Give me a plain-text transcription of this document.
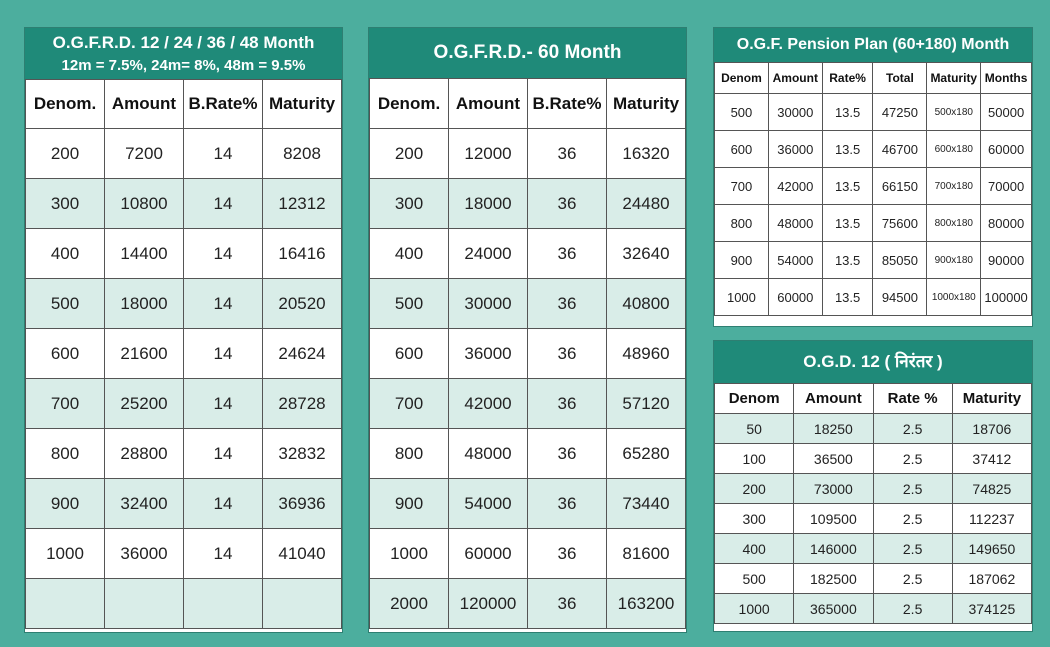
O.G.F.R.D. 12 / 24 / 36 / 48 Month
12m = 7.5%, 24m= 8%, 48m = 9.5%
Denom.	Amount	B.Rate%	Maturity
200	7200	14	8208
300	10800	14	12312
400	14400	14	16416
500	18000	14	20520
600	21600	14	24624
700	25200	14	28728
800	28800	14	32832
900	32400	14	36936
1000	36000	14	41040

O.G.F.R.D.- 60 Month
Denom.	Amount	B.Rate%	Maturity
200	12000	36	16320
300	18000	36	24480
400	24000	36	32640
500	30000	36	40800
600	36000	36	48960
700	42000	36	57120
800	48000	36	65280
900	54000	36	73440
1000	60000	36	81600
2000	120000	36	163200
O.G.F. Pension Plan (60+180) Month
Denom	Amount	Rate%	Total	Maturity	Months
500	30000	13.5	47250	500x180	50000
600	36000	13.5	46700	600x180	60000
700	42000	13.5	66150	700x180	70000
800	48000	13.5	75600	800x180	80000
900	54000	13.5	85050	900x180	90000
1000	60000	13.5	94500	1000x180	100000
O.G.D. 12 ( निरंतर )
Denom	Amount	Rate %	Maturity
50	18250	2.5	18706
100	36500	2.5	37412
200	73000	2.5	74825
300	109500	2.5	112237
400	146000	2.5	149650
500	182500	2.5	187062
1000	365000	2.5	374125
